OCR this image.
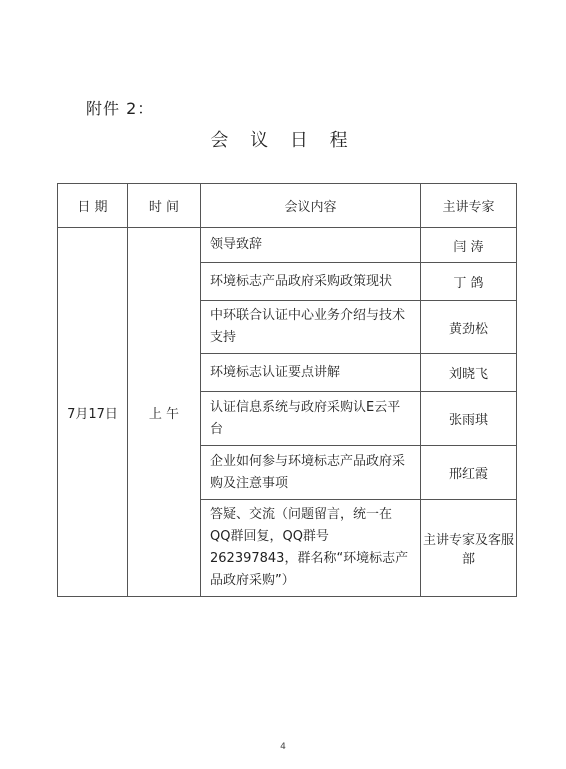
附件 2：
会 议 日 程
日 期	时 间	会议内容	主讲专家
7月17日	上 午	领导致辞	闫 涛
		环境标志产品政府采购政策现状	丁 鸽
		中环联合认证中心业务介绍与技术支持	黄劲松
		环境标志认证要点讲解	刘晓飞
		认证信息系统与政府采购认E云平台	张雨琪
		企业如何参与环境标志产品政府采购及注意事项	邢红霞
		答疑、交流（问题留言，统一在QQ群回复，QQ群号 262397843，群名称“环境标志产品政府采购”）	主讲专家及客服部
4
